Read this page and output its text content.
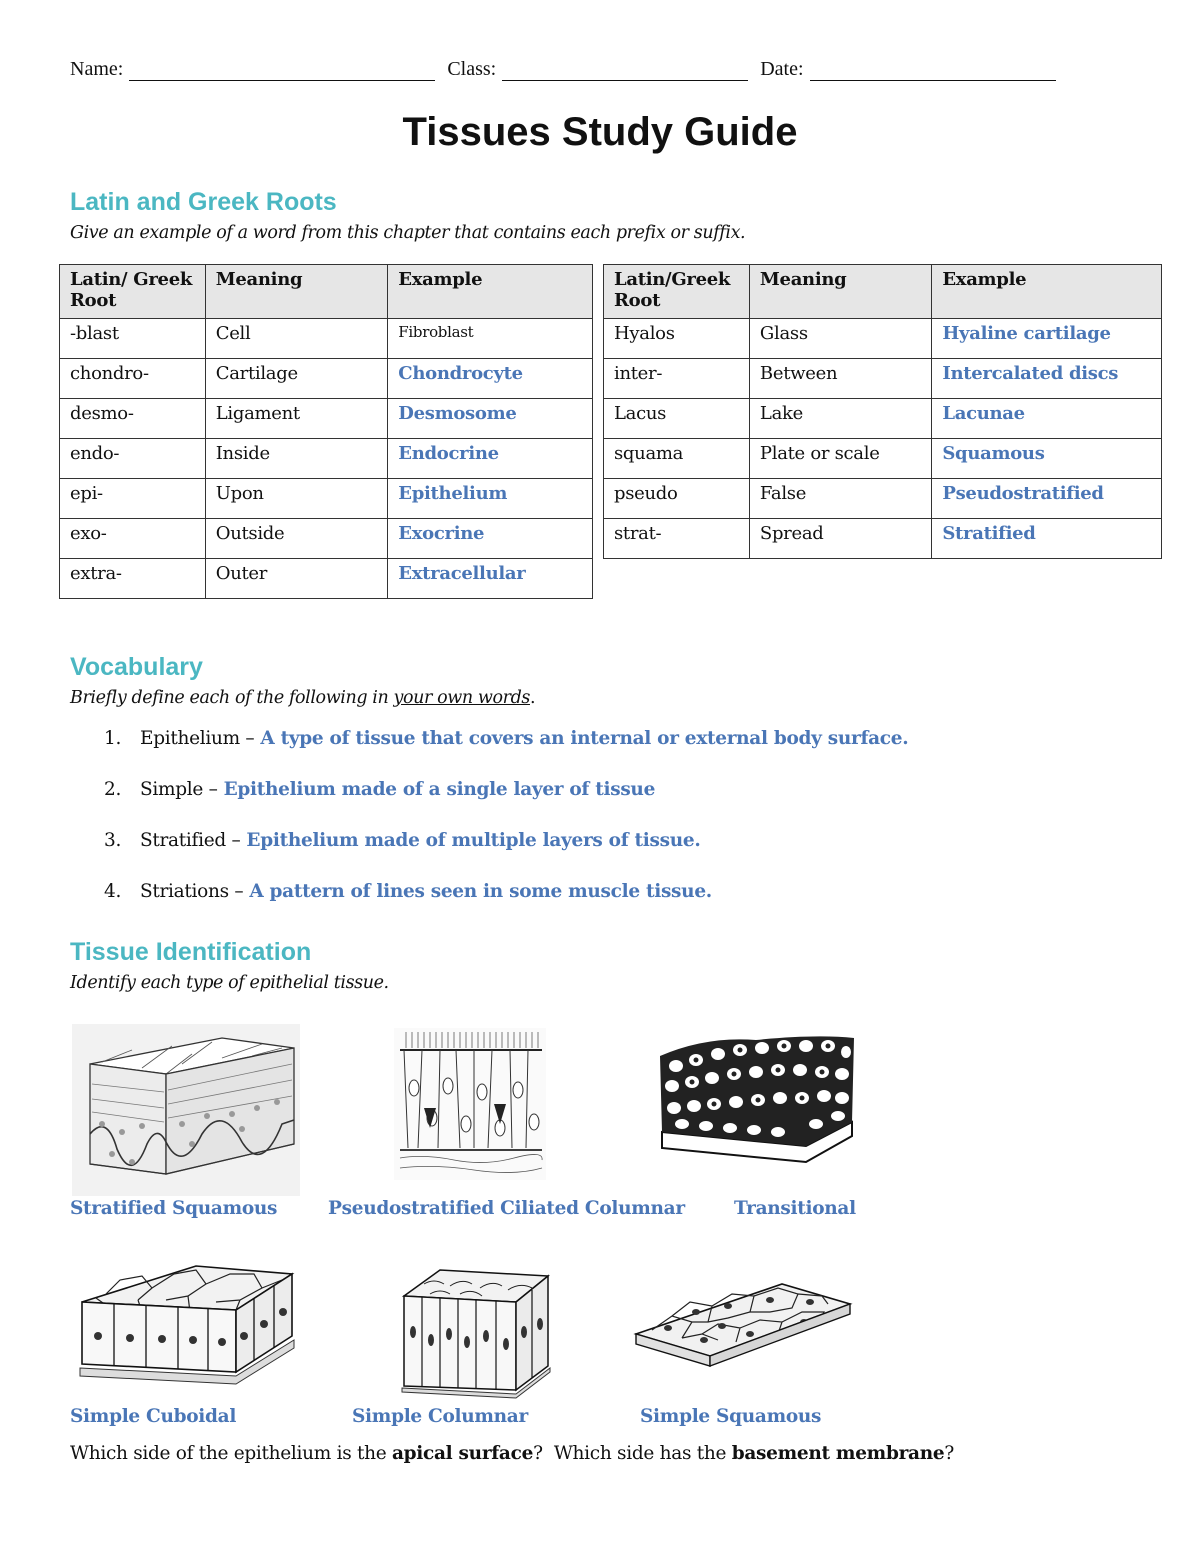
Name:	Class:	Date:
Tissues Study Guide
Latin and Greek Roots
Give an example of a word from this chapter that contains each prefix or suffix.
Latin/ Greek Root	Meaning	Example
-blast	Cell	Fibroblast
chondro-	Cartilage	Chondrocyte
desmo-	Ligament	Desmosome
endo-	Inside	Endocrine
epi-	Upon	Epithelium
exo-	Outside	Exocrine
extra-	Outer	Extracellular
Latin/Greek Root	Meaning	Example
Hyalos	Glass	Hyaline cartilage
inter-	Between	Intercalated discs
Lacus	Lake	Lacunae
squama	Plate or scale	Squamous
pseudo	False	Pseudostratified
strat-	Spread	Stratified
Vocabulary
Briefly define each of the following in your own words.
1.	Epithelium – A type of tissue that covers an internal or external body surface.
2.	Simple – Epithelium made of a single layer of tissue
3.	Stratified – Epithelium made of multiple layers of tissue.
4.	Striations – A pattern of lines seen in some muscle tissue.
Tissue Identification
Identify each type of epithelial tissue.
Stratified Squamous	Pseudostratified Ciliated Columnar	Transitional
Simple Cuboidal	Simple Columnar	Simple Squamous
Which side of the epithelium is the apical surface?  Which side has the basement membrane?
